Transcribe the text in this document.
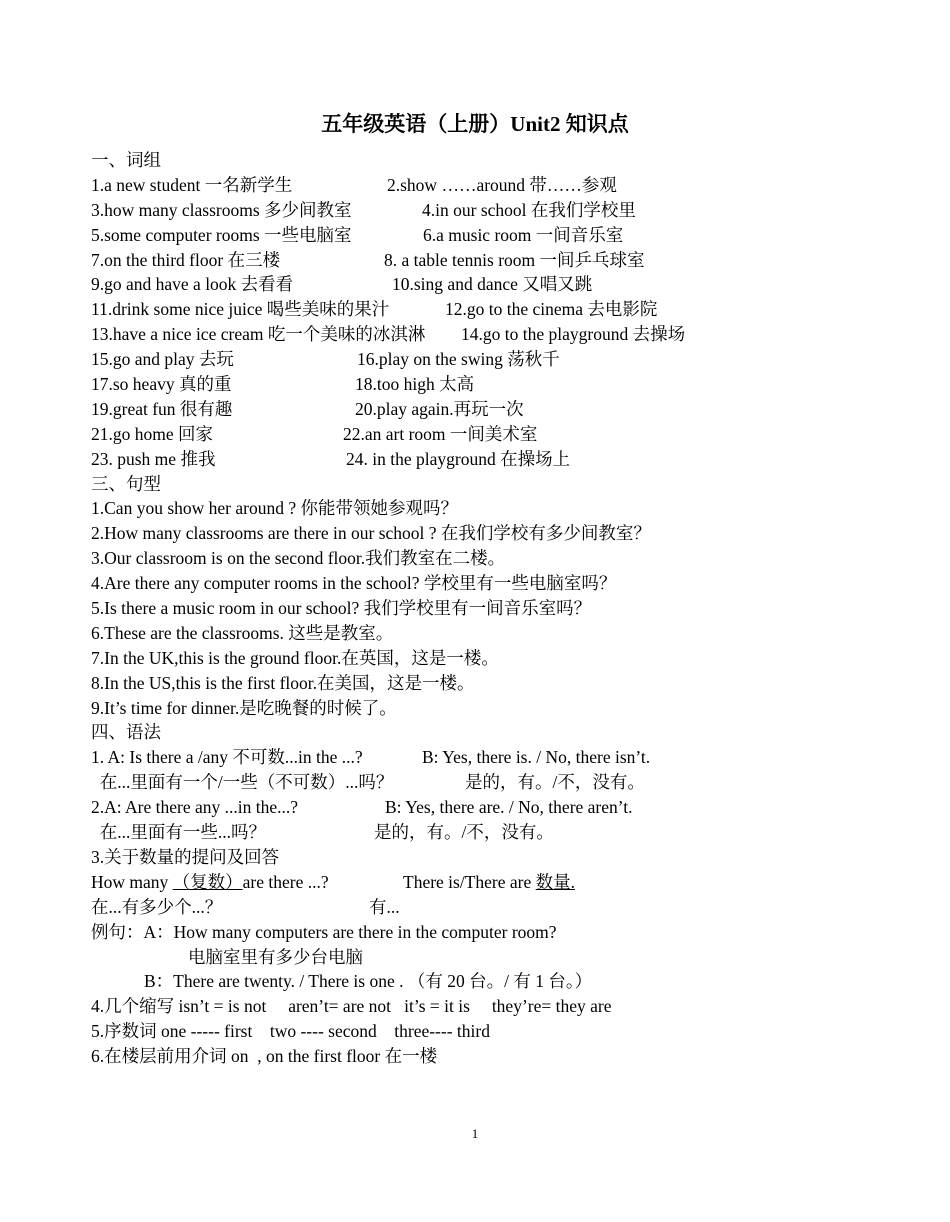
五年级英语（上册）Unit2 知识点
一、词组
1.a new student 一名新学生	2.show ……around 带……参观
3.how many classrooms 多少间教室	4.in our school 在我们学校里
5.some computer rooms 一些电脑室	6.a music room 一间音乐室
7.on the third floor 在三楼	8. a table tennis room 一间乒乓球室
9.go and have a look 去看看	10.sing and dance 又唱又跳
11.drink some nice juice 喝些美味的果汁	12.go to the cinema 去电影院
13.have a nice ice cream 吃一个美味的冰淇淋 14.go to the playground 去操场
15.go and play 去玩	16.play on the swing 荡秋千
17.so heavy 真的重	18.too high 太高
19.great fun 很有趣	20.play again.再玩一次
21.go home 回家	22.an art room 一间美术室
23. push me 推我	24. in the playground 在操场上
三、句型
1.Can you show her around ? 你能带领她参观吗？
2.How many classrooms are there in our school ? 在我们学校有多少间教室？
3.Our classroom is on the second floor.我们教室在二楼。
4.Are there any computer rooms in the school? 学校里有一些电脑室吗？
5.Is there a music room in our school? 我们学校里有一间音乐室吗？
6.These are the classrooms. 这些是教室。
7.In the UK,this is the ground floor.在英国，这是一楼。
8.In the US,this is the first floor.在美国，这是一楼。
9.It’s time for dinner.是吃晚餐的时候了。
四、语法
1. A: Is there a /any 不可数...in the ...?	B: Yes, there is. / No, there isn’t.
在...里面有一个/一些（不可数）...吗？	是的，有。/不，没有。
2.A: Are there any ...in the...?	B: Yes, there are. / No, there aren’t.
在...里面有一些...吗？	是的，有。/不，没有。
3.关于数量的提问及回答
How many （复数）are there ...?	There is/There are 数量.
在...有多少个...？	有...
例句：A：How many computers are there in the computer room?
电脑室里有多少台电脑
B：There are twenty. / There is one . （有 20 台。/ 有 1 台。）
4.几个缩写 isn’t = is not     aren’t= are not   it’s = it is     they’re= they are
5.序数词 one ----- first    two ---- second    three---- third
6.在楼层前用介词 on  , on the first floor 在一楼
1
